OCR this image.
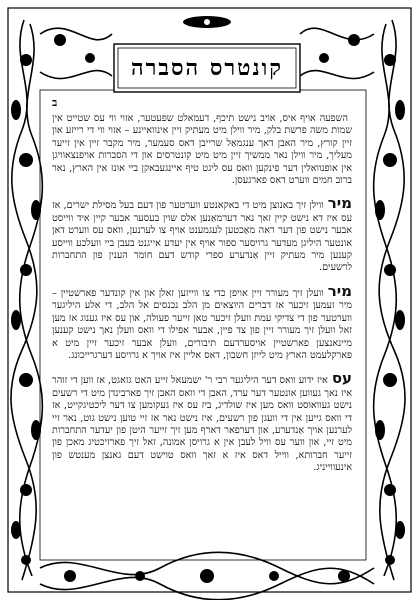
קונטרס הסברה
ב

השפעה אויף איס, אויב נישט תיכף, דעמאלט שפעטער, אזוי ווי עס שטייט אין שמות משה פרשת בלק, מיר ווילן מיט מעתיק זיין אינוואיינע – אזוי ווי די רייזע און זיין קורץ, מיר האבן דאך ענגמאַל שרייבן דאס סעמער, מיר מקבר זיין אין זייער מעליך, מיר ווילן נאר ממשיך זיין מיט מיט קונטרסים און די הסברות אויפנצאוויגן אין אופנוואלין דער פינקען וואס עס ליגט טיף איינגעבאקן ביי אונז אין הארץ, נאר ברוב חמים ווערט דאס פארגעסן.

מירווילן זיך באנוצן מיט די באקאנטע ווערטער פון דעם בעל מסילת ישרים, אז עס איז דא נישט קיין זאך נאר דערמאַנען אלס שוין בעסער אבער קיין איד ווייסט אבער נישט פון דער ראה מאַכטען לעגמענט אויף צו לערנען, וואס עס ווערט דאן אונטער היליגן מעדער גרויסער ספור אויף אין יעדע אייגנט בעבן ביי וועלכע ווייסע קענען מיר מעתיק זיין אַנדערע ספרי קודש דעם חומר הענין פון התחברות לרשעים.

מירוועלן זיך מעורר זיין אויפן כדי צו ווייזען זאלן און אין קונדער פארשטיין – מיר זעמען זיכער אז דברים היוצאים מן הלב נכנסים אל הלב, די אלע היליגער ווערטער פון די צדיקי עמת וועלן זיכער טאן זייער פעולה, און עס איז גענוג אז מען זאל וועלן זיך מעורר זיין פון צד פיין, אבער אפילו די וואס וועלן נאך נישט קענען מיינאנצען פארשטיין אויסערדעם תיבורים, וועלן אבער זיכער זיין מיט א פארקלעמט הארץ מיט לייזן חשבון, דאס אליין איז אויך א גרויסע דערגרייכונג.

עסאיז ידוע וואס דער היליגער רבי ר' ישמעאל זייע האט גזאגט, אז ווען די זוהר איז נאך געווען אונטער דער ערד, האבן די וואס האבן זיך פארבינדן מיט די רשעים נישט געוואוסט וואס מען איז שולדיג, ביז עס איז געקומען צו דער ליכטיגקייט, אז די וואס גייען אין די וועגן פון רשעים, איז נישט נאר אז זיי טוען נישט גוט, נאר זיי לערנען אויך אַנדערע, און דערפאר דארף מען זיך זייער היטן פון יעדער התחברות מיט זיי, און ווער עס וויל לעבן אין א גרויסן אמונה, זאל זיך פארזיכטיג מאכן פון זייער חברותא, ווייל דאס איז א זאך וואס טוישט דעם גאנצן מענטש פון אינעווייניג.
